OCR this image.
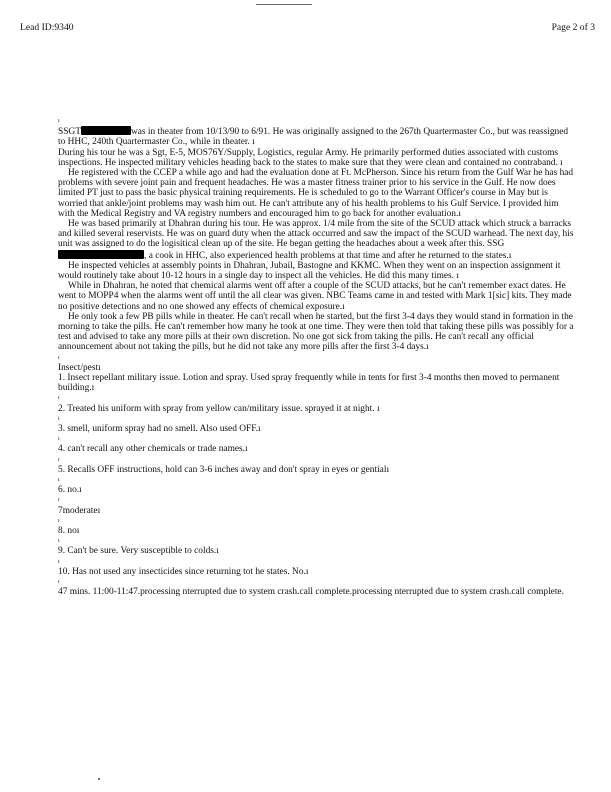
Lead ID:9340	Page 2 of 3

ı

SSGT	was in theater from 10/13/90 to 6/91. He was originally assigned to the 267th Quartermaster Co., but was reassigned to HHC, 240th Quartermaster Co., while in theater. ı

During his tour he was a Sgt, E-5, MOS76Y/Supply, Logistics, regular Army. He primarily performed duties associated with customs inspections. He inspected military vehicles heading back to the states to make sure that they were clean and contained no contraband. ı

He registered with the CCEP a while ago and had the evaluation done at Ft. McPherson. Since his return from the Gulf War he has had problems with severe joint pain and frequent headaches. He was a master fitness trainer prior to his service in the Gulf. He now does limited PT just to pass the basic physical training requirements. He is scheduled to go to the Warrant Officer's course in May but is worried that ankle/joint problems may wash him out. He can't attribute any of his health problems to his Gulf Service. I provided him with the Medical Registry and VA registry numbers and encouraged him to go back for another evaluation.ı

He was based primarily at Dhahran during his tour. He was approx. 1/4 mile from the site of the SCUD attack which struck a barracks and killed several reservists. He was on guard duty when the attack occurred and saw the impact of the SCUD warhead. The next day, his unit was assigned to do the logisitical clean up of the site. He began getting the headaches about a week after this. SSG, a cook in HHC, also experienced health problems at that time and after he returned to the states.ı

He inspected vehicles at assembly points in Dhahran, Jubail, Bastogne and KKMC. When they went on an inspection assignment it would routinely take about 10-12 hours in a single day to inspect all the vehicles. He did this many times. ı

While in Dhahran, he noted that chemical alarms went off after a couple of the SCUD attacks, but he can't remember exact dates. He went to MOPP4 when the alarms went off until the all clear was given. NBC Teams came in and tested with Mark 1[sic] kits. They made no positive detections and no one showed any effects of chemical exposure.ı

He only took a few PB pills while in theater. He can't recall when he started, but the first 3-4 days they would stand in formation in the morning to take the pills. He can't remember how many he took at one time. They were then told that taking these pills was possibly for a test and advised to take any more pills at their own discretion. No one got sick from taking the pills. He can't recall any official announcement about not taking the pills, but he did not take any more pills after the first 3-4 days.ı

ı

Insect/pestı

1. Insect repellant military issue. Lotion and spray. Used spray frequently while in tents for first 3-4 months then moved to permanent building.ı

ı

2. Treated his uniform with spray from yellow can/military issue. sprayed it at night. ı

ı

3. smell, uniform spray had no smell. Also used OFF.ı

ı

4. can't recall any other chemicals or trade names.ı

ı

5. Recalls OFF instructions, hold can 3-6 inches away and don't spray in eyes or gentialı

ı

6. no.ı

ı

7moderateı

ı

8. noı

ı

9. Can't be sure. Very susceptible to colds.ı

ı

10. Has not used any insecticides since returning tot he states. No.ı

ı

47 mins. 11:00-11:47.processing nterrupted due to system crash.call complete.processing nterrupted due to system crash.call complete.
